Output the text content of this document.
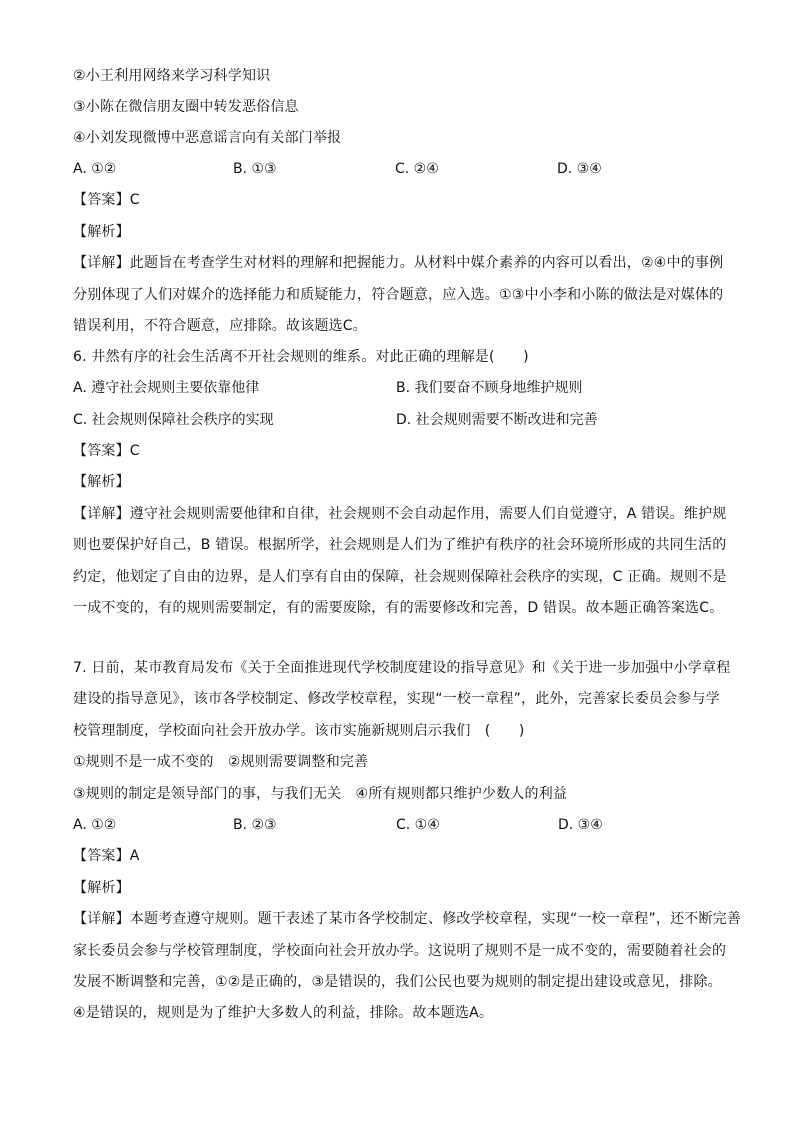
②小王利用网络来学习科学知识
③小陈在微信朋友圈中转发恶俗信息
④小刘发现微博中恶意谣言向有关部门举报
A. ①②	B. ①③	C. ②④	D. ③④
【答案】C
【解析】
【详解】此题旨在考查学生对材料的理解和把握能力。从材料中媒介素养的内容可以看出，②④中的事例
分别体现了人们对媒介的选择能力和质疑能力，符合题意，应入选。①③中小李和小陈的做法是对媒体的
错误利用，不符合题意，应排除。故该题选C。
6. 井然有序的社会生活离不开社会规则的维系。对此正确的理解是(　　)
A. 遵守社会规则主要依靠他律	B. 我们要奋不顾身地维护规则
C. 社会规则保障社会秩序的实现	D. 社会规则需要不断改进和完善
【答案】C
【解析】
【详解】遵守社会规则需要他律和自律，社会规则不会自动起作用，需要人们自觉遵守，A 错误。维护规
则也要保护好自己，B 错误。根据所学，社会规则是人们为了维护有秩序的社会环境所形成的共同生活的
约定，他划定了自由的边界，是人们享有自由的保障，社会规则保障社会秩序的实现，C 正确。规则不是
一成不变的，有的规则需要制定，有的需要废除，有的需要修改和完善，D 错误。故本题正确答案选C。
7. 日前，某市教育局发布《关于全面推进现代学校制度建设的指导意见》和《关于进一步加强中小学章程
建设的指导意见》，该市各学校制定、修改学校章程，实现“一校一章程”，此外，完善家长委员会参与学
校管理制度，学校面向社会开放办学。该市实施新规则启示我们　(　　)
①规则不是一成不变的　②规则需要调整和完善
③规则的制定是领导部门的事，与我们无关　④所有规则都只维护少数人的利益
A. ①②	B. ②③	C. ①④	D. ③④
【答案】A
【解析】
【详解】本题考查遵守规则。题干表述了某市各学校制定、修改学校章程，实现“一校一章程”，还不断完善
家长委员会参与学校管理制度，学校面向社会开放办学。这说明了规则不是一成不变的，需要随着社会的
发展不断调整和完善，①②是正确的，③是错误的，我们公民也要为规则的制定提出建设或意见，排除。
④是错误的，规则是为了维护大多数人的利益，排除。故本题选A。
